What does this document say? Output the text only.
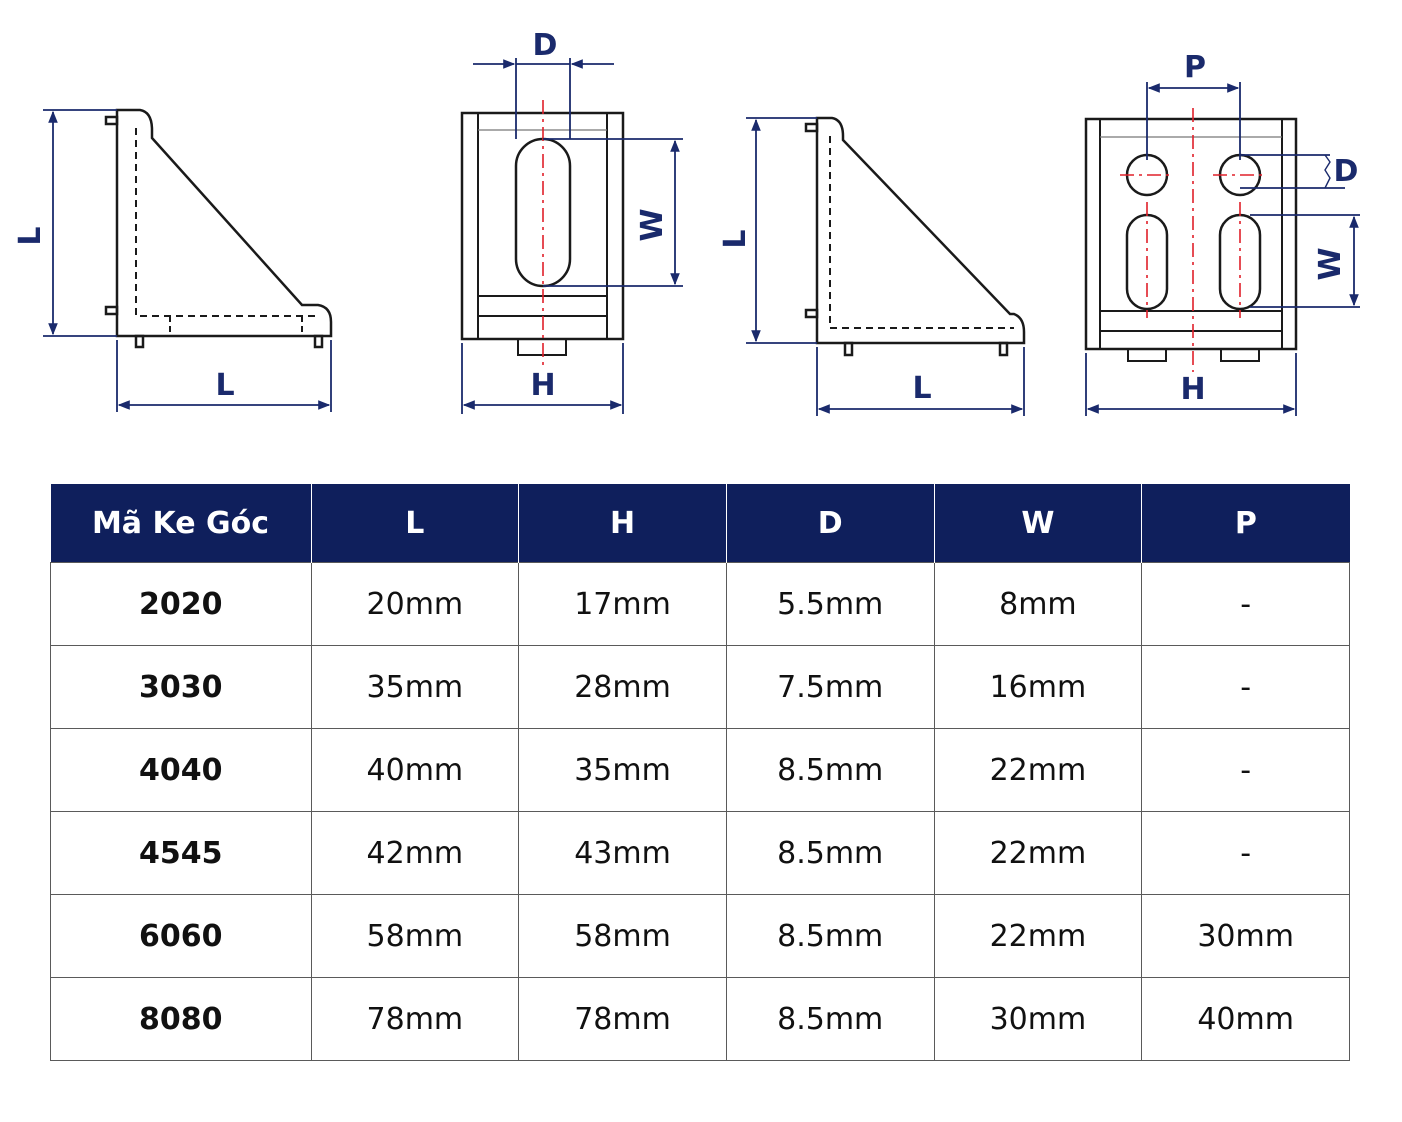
L
L
D
W
H
L
L
P
D
W
H
Mã Ke Góc	L	H	D	W	P
2020	20mm	17mm	5.5mm	8mm	-
3030	35mm	28mm	7.5mm	16mm	-
4040	40mm	35mm	8.5mm	22mm	-
4545	42mm	43mm	8.5mm	22mm	-
6060	58mm	58mm	8.5mm	22mm	30mm
8080	78mm	78mm	8.5mm	30mm	40mm
